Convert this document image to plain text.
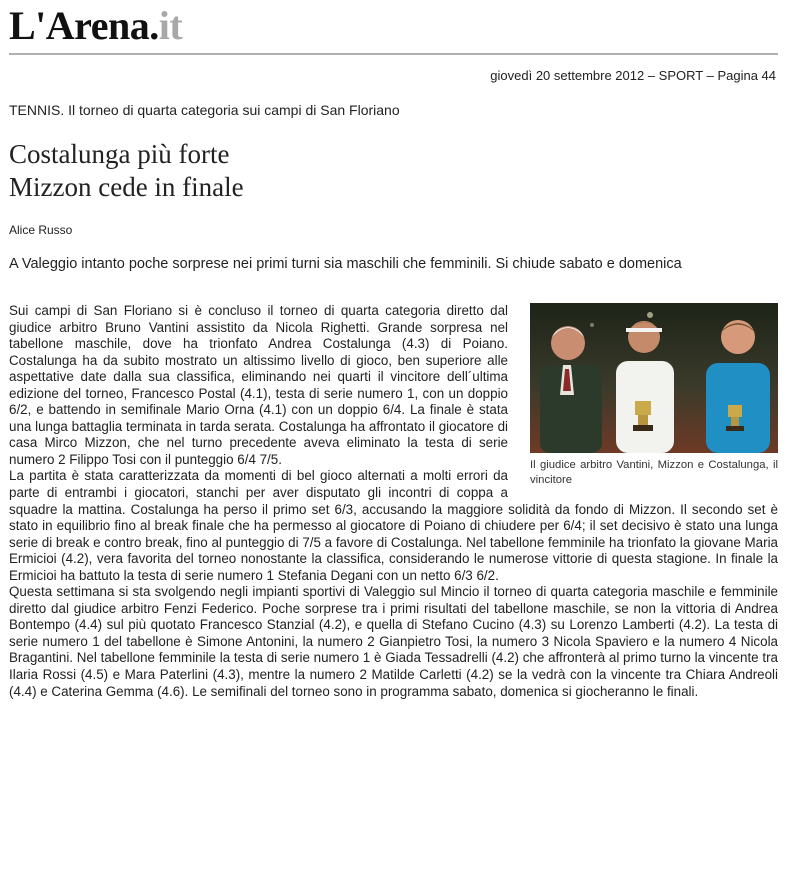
L'Arena.it
giovedì 20 settembre 2012 – SPORT – Pagina 44
TENNIS. Il torneo di quarta categoria sui campi di San Floriano
Costalunga più forte
Mizzon cede in finale
Alice Russo
A Valeggio intanto poche sorprese nei primi turni sia maschili che femminili. Si chiude sabato e domenica
Il giudice arbitro Vantini, Mizzon e Costalunga, il vincitore

Sui campi di San Floriano si è concluso il torneo di quarta categoria diretto dal giudice arbitro Bruno Vantini assistito da Nicola Righetti. Grande sorpresa nel tabellone maschile, dove ha trionfato Andrea Costalunga (4.3) di Poiano. Costalunga ha da subito mostrato un altissimo livello di gioco, ben superiore alle aspettative date dalla sua classifica, eliminando nei quarti il vincitore dell´ultima edizione del torneo, Francesco Postal (4.1), testa di serie numero 1, con un doppio 6/2, e battendo in semifinale Mario Orna (4.1) con un doppio 6/4. La finale è stata una lunga battaglia terminata in tarda serata. Costalunga ha affrontato il giocatore di casa Mirco Mizzon, che nel turno precedente aveva eliminato la testa di serie numero 2 Filippo Tosi con il punteggio 6/4 7/5.

La partita è stata caratterizzata da momenti di bel gioco alternati a molti errori da parte di entrambi i giocatori, stanchi per aver disputato gli incontri di coppa a squadre la mattina. Costalunga ha perso il primo set 6/3, accusando la maggiore solidità da fondo di Mizzon. Il secondo set è stato in equilibrio fino al break finale che ha permesso al giocatore di Poiano di chiudere per 6/4; il set decisivo è stato una lunga serie di break e contro break, fino al punteggio di 7/5 a favore di Costalunga. Nel tabellone femminile ha trionfato la giovane Maria Ermicioi (4.2), vera favorita del torneo nonostante la classifica, considerando le numerose vittorie di questa stagione. In finale la Ermicioi ha battuto la testa di serie numero 1 Stefania Degani con un netto 6/3 6/2.

Questa settimana si sta svolgendo negli impianti sportivi di Valeggio sul Mincio il torneo di quarta categoria maschile e femminile diretto dal giudice arbitro Fenzi Federico. Poche sorprese tra i primi risultati del tabellone maschile, se non la vittoria di Andrea Bontempo (4.4) sul più quotato Francesco Stanzial (4.2), e quella di Stefano Cucino (4.3) su Lorenzo Lamberti (4.2). La testa di serie numero 1 del tabellone è Simone Antonini, la numero 2 Gianpietro Tosi, la numero 3 Nicola Spaviero e la numero 4 Nicola Bragantini. Nel tabellone femminile la testa di serie numero 1 è Giada Tessadrelli (4.2) che affronterà al primo turno la vincente tra Ilaria Rossi (4.5) e Mara Paterlini (4.3), mentre la numero 2 Matilde Carletti (4.2) se la vedrà con la vincente tra Chiara Andreoli (4.4) e Caterina Gemma (4.6). Le semifinali del torneo sono in programma sabato, domenica si giocheranno le finali.
